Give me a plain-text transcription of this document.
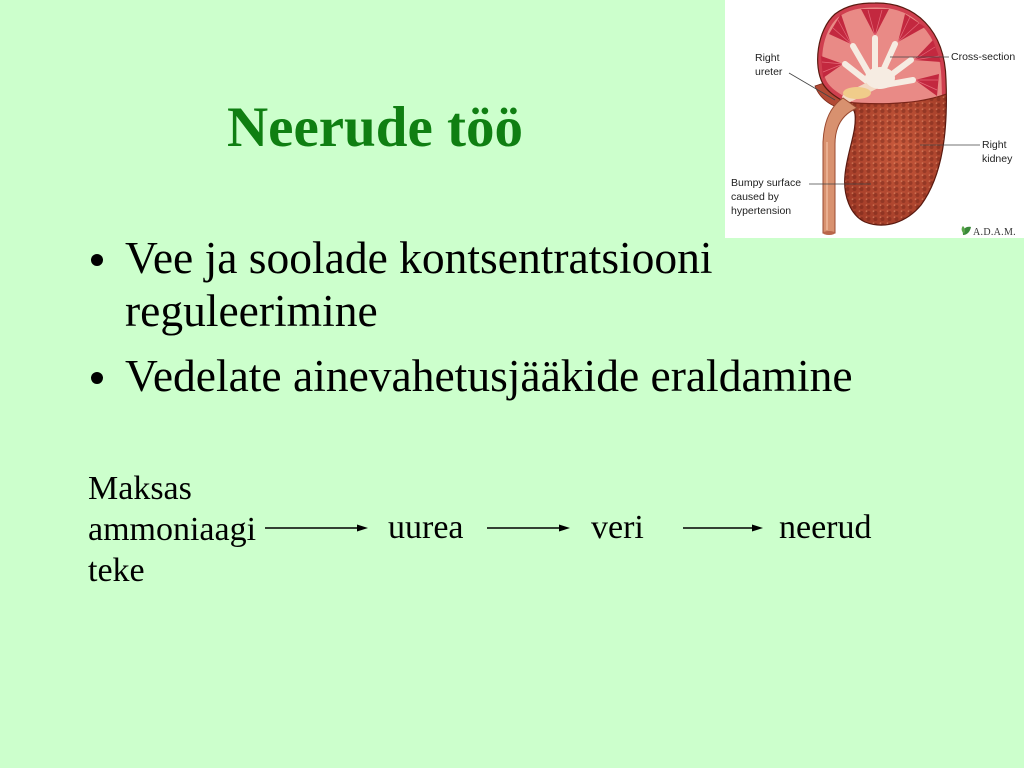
Neerude töö
Vee ja soolade kontsentratsiooni reguleerimine
Vedelate ainevahetusjääkide eraldamine
Maksas ammoniaagi teke
uurea	veri	neerud
Right
ureter
Cross-section
Right
kidney
Bumpy surface
caused by
hypertension
A.D.A.M.
